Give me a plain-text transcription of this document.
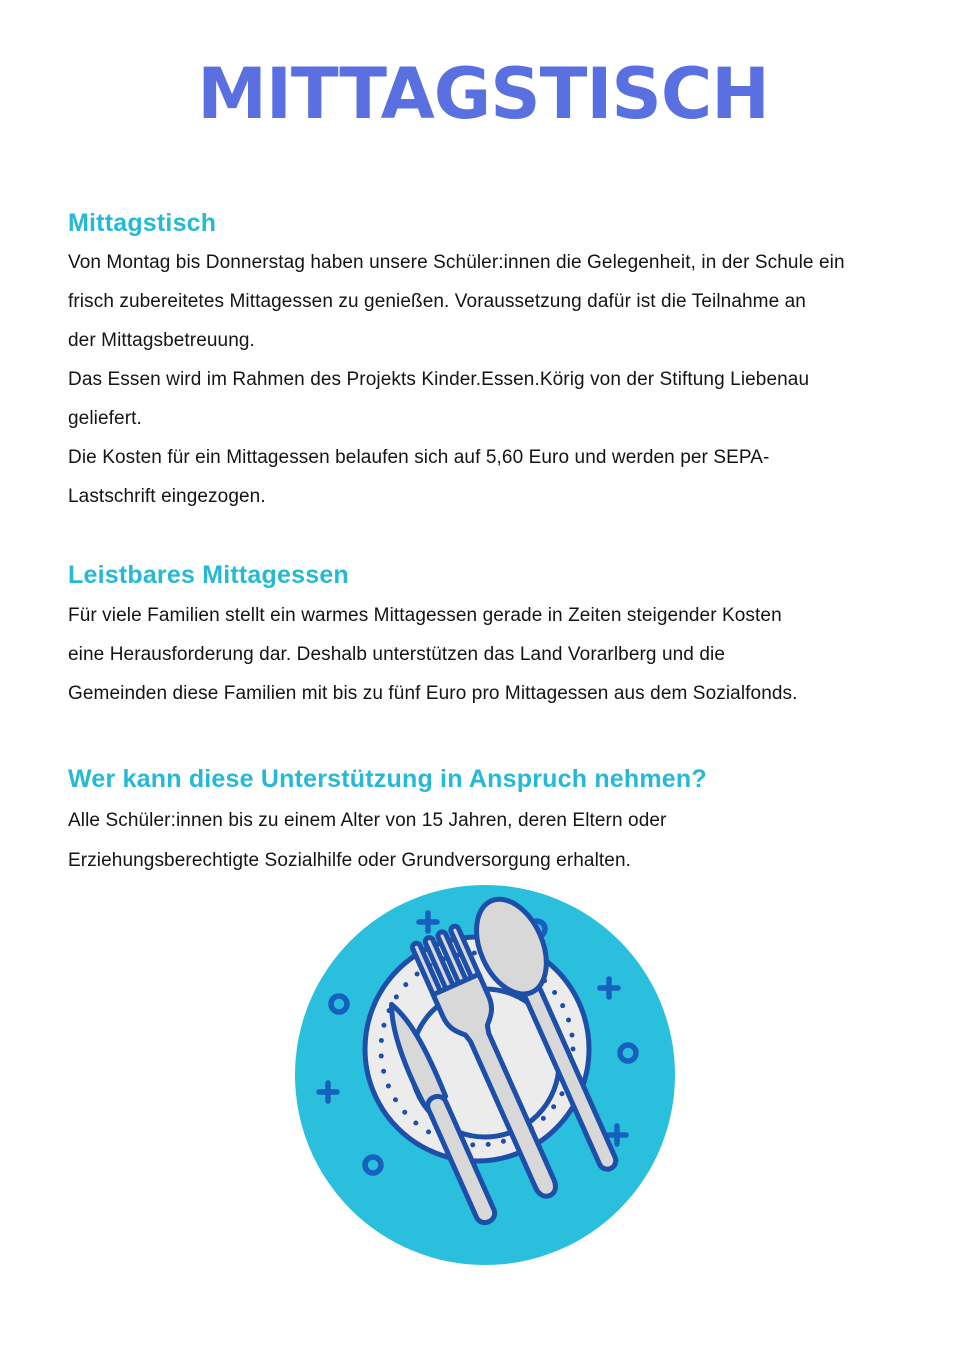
MITTAGSTISCH
Mittagstisch
Von Montag bis Donnerstag haben unsere Schüler:innen die Gelegenheit, in der Schule ein
frisch zubereitetes Mittagessen zu genießen. Voraussetzung dafür ist die Teilnahme an
der Mittagsbetreuung.
Das Essen wird im Rahmen des Projekts Kinder.Essen.Körig von der Stiftung Liebenau
geliefert.
Die Kosten für ein Mittagessen belaufen sich auf 5,60 Euro und werden per SEPA-
Lastschrift eingezogen.
Leistbares Mittagessen
Für viele Familien stellt ein warmes Mittagessen gerade in Zeiten steigender Kosten
eine Herausforderung dar. Deshalb unterstützen das Land Vorarlberg und die
Gemeinden diese Familien mit bis zu fünf Euro pro Mittagessen aus dem Sozialfonds.
Wer kann diese Unterstützung in Anspruch nehmen?
Alle Schüler:innen bis zu einem Alter von 15 Jahren, deren Eltern oder
Erziehungsberechtigte Sozialhilfe oder Grundversorgung erhalten.
